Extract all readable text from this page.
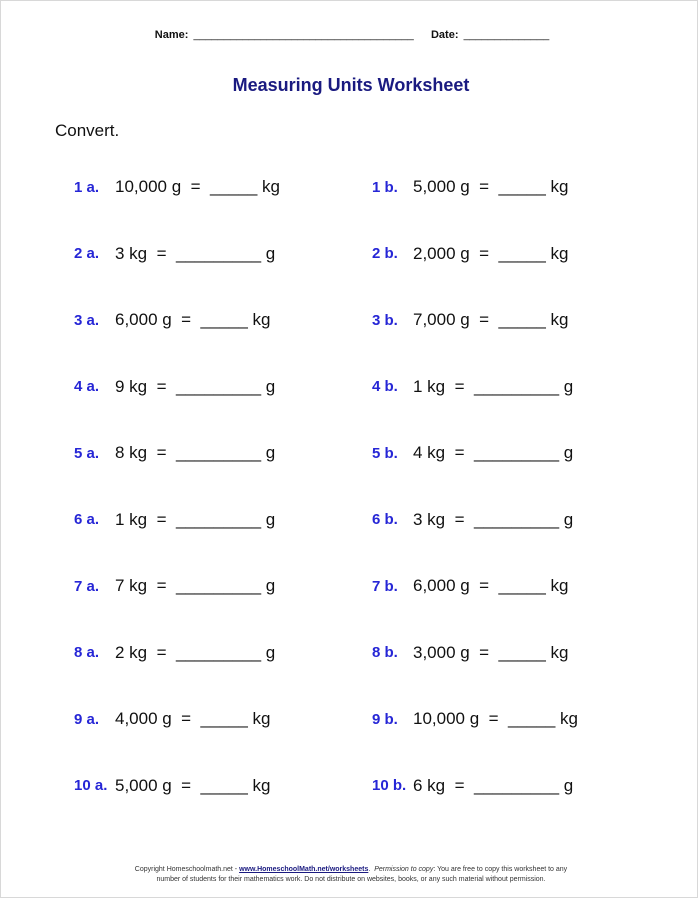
Name: ____________________________________ Date: ______________
Measuring Units Worksheet
Convert.
1 a. 10,000 g  =  _____ kg
2 a. 3 kg  =  _________ g
3 a. 6,000 g  =  _____ kg
4 a. 9 kg  =  _________ g
5 a. 8 kg  =  _________ g
6 a. 1 kg  =  _________ g
7 a. 7 kg  =  _________ g
8 a. 2 kg  =  _________ g
9 a. 4,000 g  =  _____ kg
10 a. 5,000 g  =  _____ kg
1 b. 5,000 g  =  _____ kg
2 b. 2,000 g  =  _____ kg
3 b. 7,000 g  =  _____ kg
4 b. 1 kg  =  _________ g
5 b. 4 kg  =  _________ g
6 b. 3 kg  =  _________ g
7 b. 6,000 g  =  _____ kg
8 b. 3,000 g  =  _____ kg
9 b. 10,000 g  =  _____ kg
10 b. 6 kg  =  _________ g
Copyright Homeschoolmath.net - www.HomeschoolMath.net/worksheets.  Permission to copy: You are free to copy this worksheet to any
number of students for their mathematics work. Do not distribute on websites, books, or any such material without permission.
